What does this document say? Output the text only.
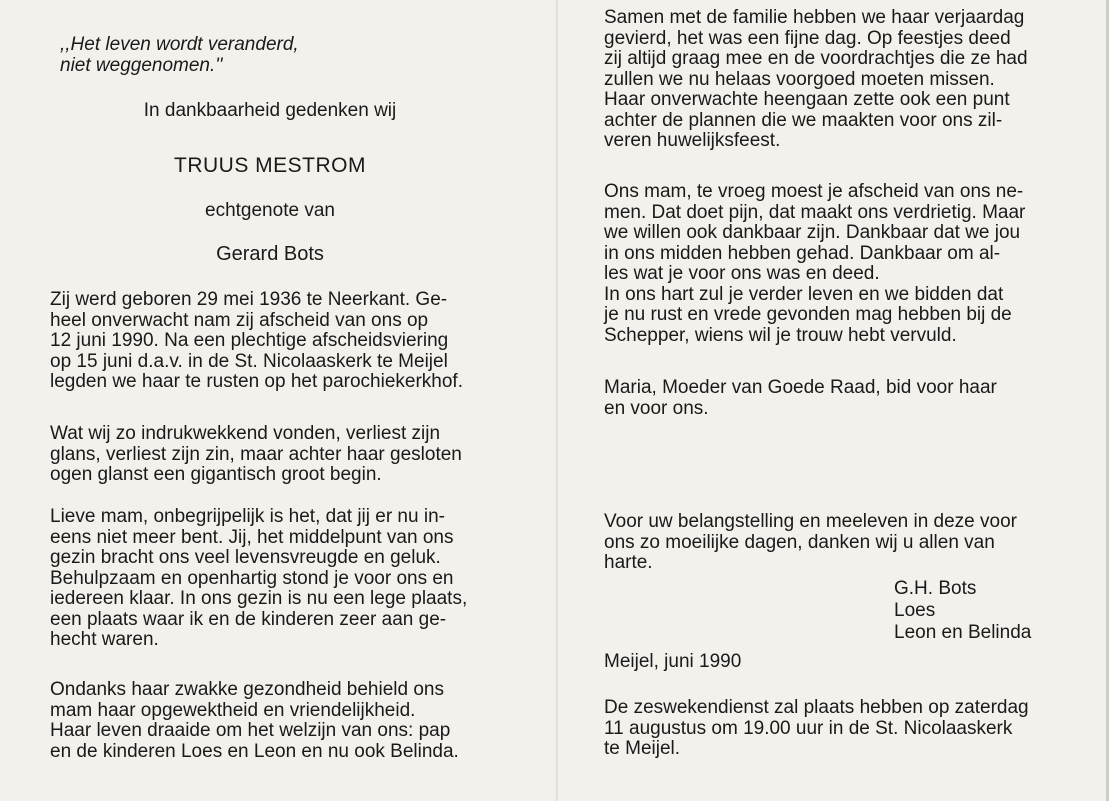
,,Het leven wordt veranderd,
niet weggenomen.''
In dankbaarheid gedenken wij
TRUUS MESTROM
echtgenote van
Gerard Bots

Zij werd geboren 29 mei 1936 te Neerkant. Ge-
heel onverwacht nam zij afscheid van ons op
12 juni 1990. Na een plechtige afscheidsviering
op 15 juni d.a.v. in de St. Nicolaaskerk te Meijel
legden we haar te rusten op het parochiekerkhof.

Wat wij zo indrukwekkend vonden, verliest zijn
glans, verliest zijn zin, maar achter haar gesloten
ogen glanst een gigantisch groot begin.

Lieve mam, onbegrijpelijk is het, dat jij er nu in-
eens niet meer bent. Jij, het middelpunt van ons
gezin bracht ons veel levensvreugde en geluk.
Behulpzaam en openhartig stond je voor ons en
iedereen klaar. In ons gezin is nu een lege plaats,
een plaats waar ik en de kinderen zeer aan ge-
hecht waren.

Ondanks haar zwakke gezondheid behield ons
mam haar opgewektheid en vriendelijkheid.
Haar leven draaide om het welzijn van ons: pap
en de kinderen Loes en Leon en nu ook Belinda.

Samen met de familie hebben we haar verjaardag
gevierd, het was een fijne dag. Op feestjes deed
zij altijd graag mee en de voordrachtjes die ze had
zullen we nu helaas voorgoed moeten missen.
Haar onverwachte heengaan zette ook een punt
achter de plannen die we maakten voor ons zil-
veren huwelijksfeest.

Ons mam, te vroeg moest je afscheid van ons ne-
men. Dat doet pijn, dat maakt ons verdrietig. Maar
we willen ook dankbaar zijn. Dankbaar dat we jou
in ons midden hebben gehad. Dankbaar om al-
les wat je voor ons was en deed.
In ons hart zul je verder leven en we bidden dat
je nu rust en vrede gevonden mag hebben bij de
Schepper, wiens wil je trouw hebt vervuld.

Maria, Moeder van Goede Raad, bid voor haar
en voor ons.

Voor uw belangstelling en meeleven in deze voor
ons zo moeilijke dagen, danken wij u allen van
harte.

G.H. Bots
Loes
Leon en Belinda
Meijel, juni 1990

De zeswekendienst zal plaats hebben op zaterdag
11 augustus om 19.00 uur in de St. Nicolaaskerk
te Meijel.
